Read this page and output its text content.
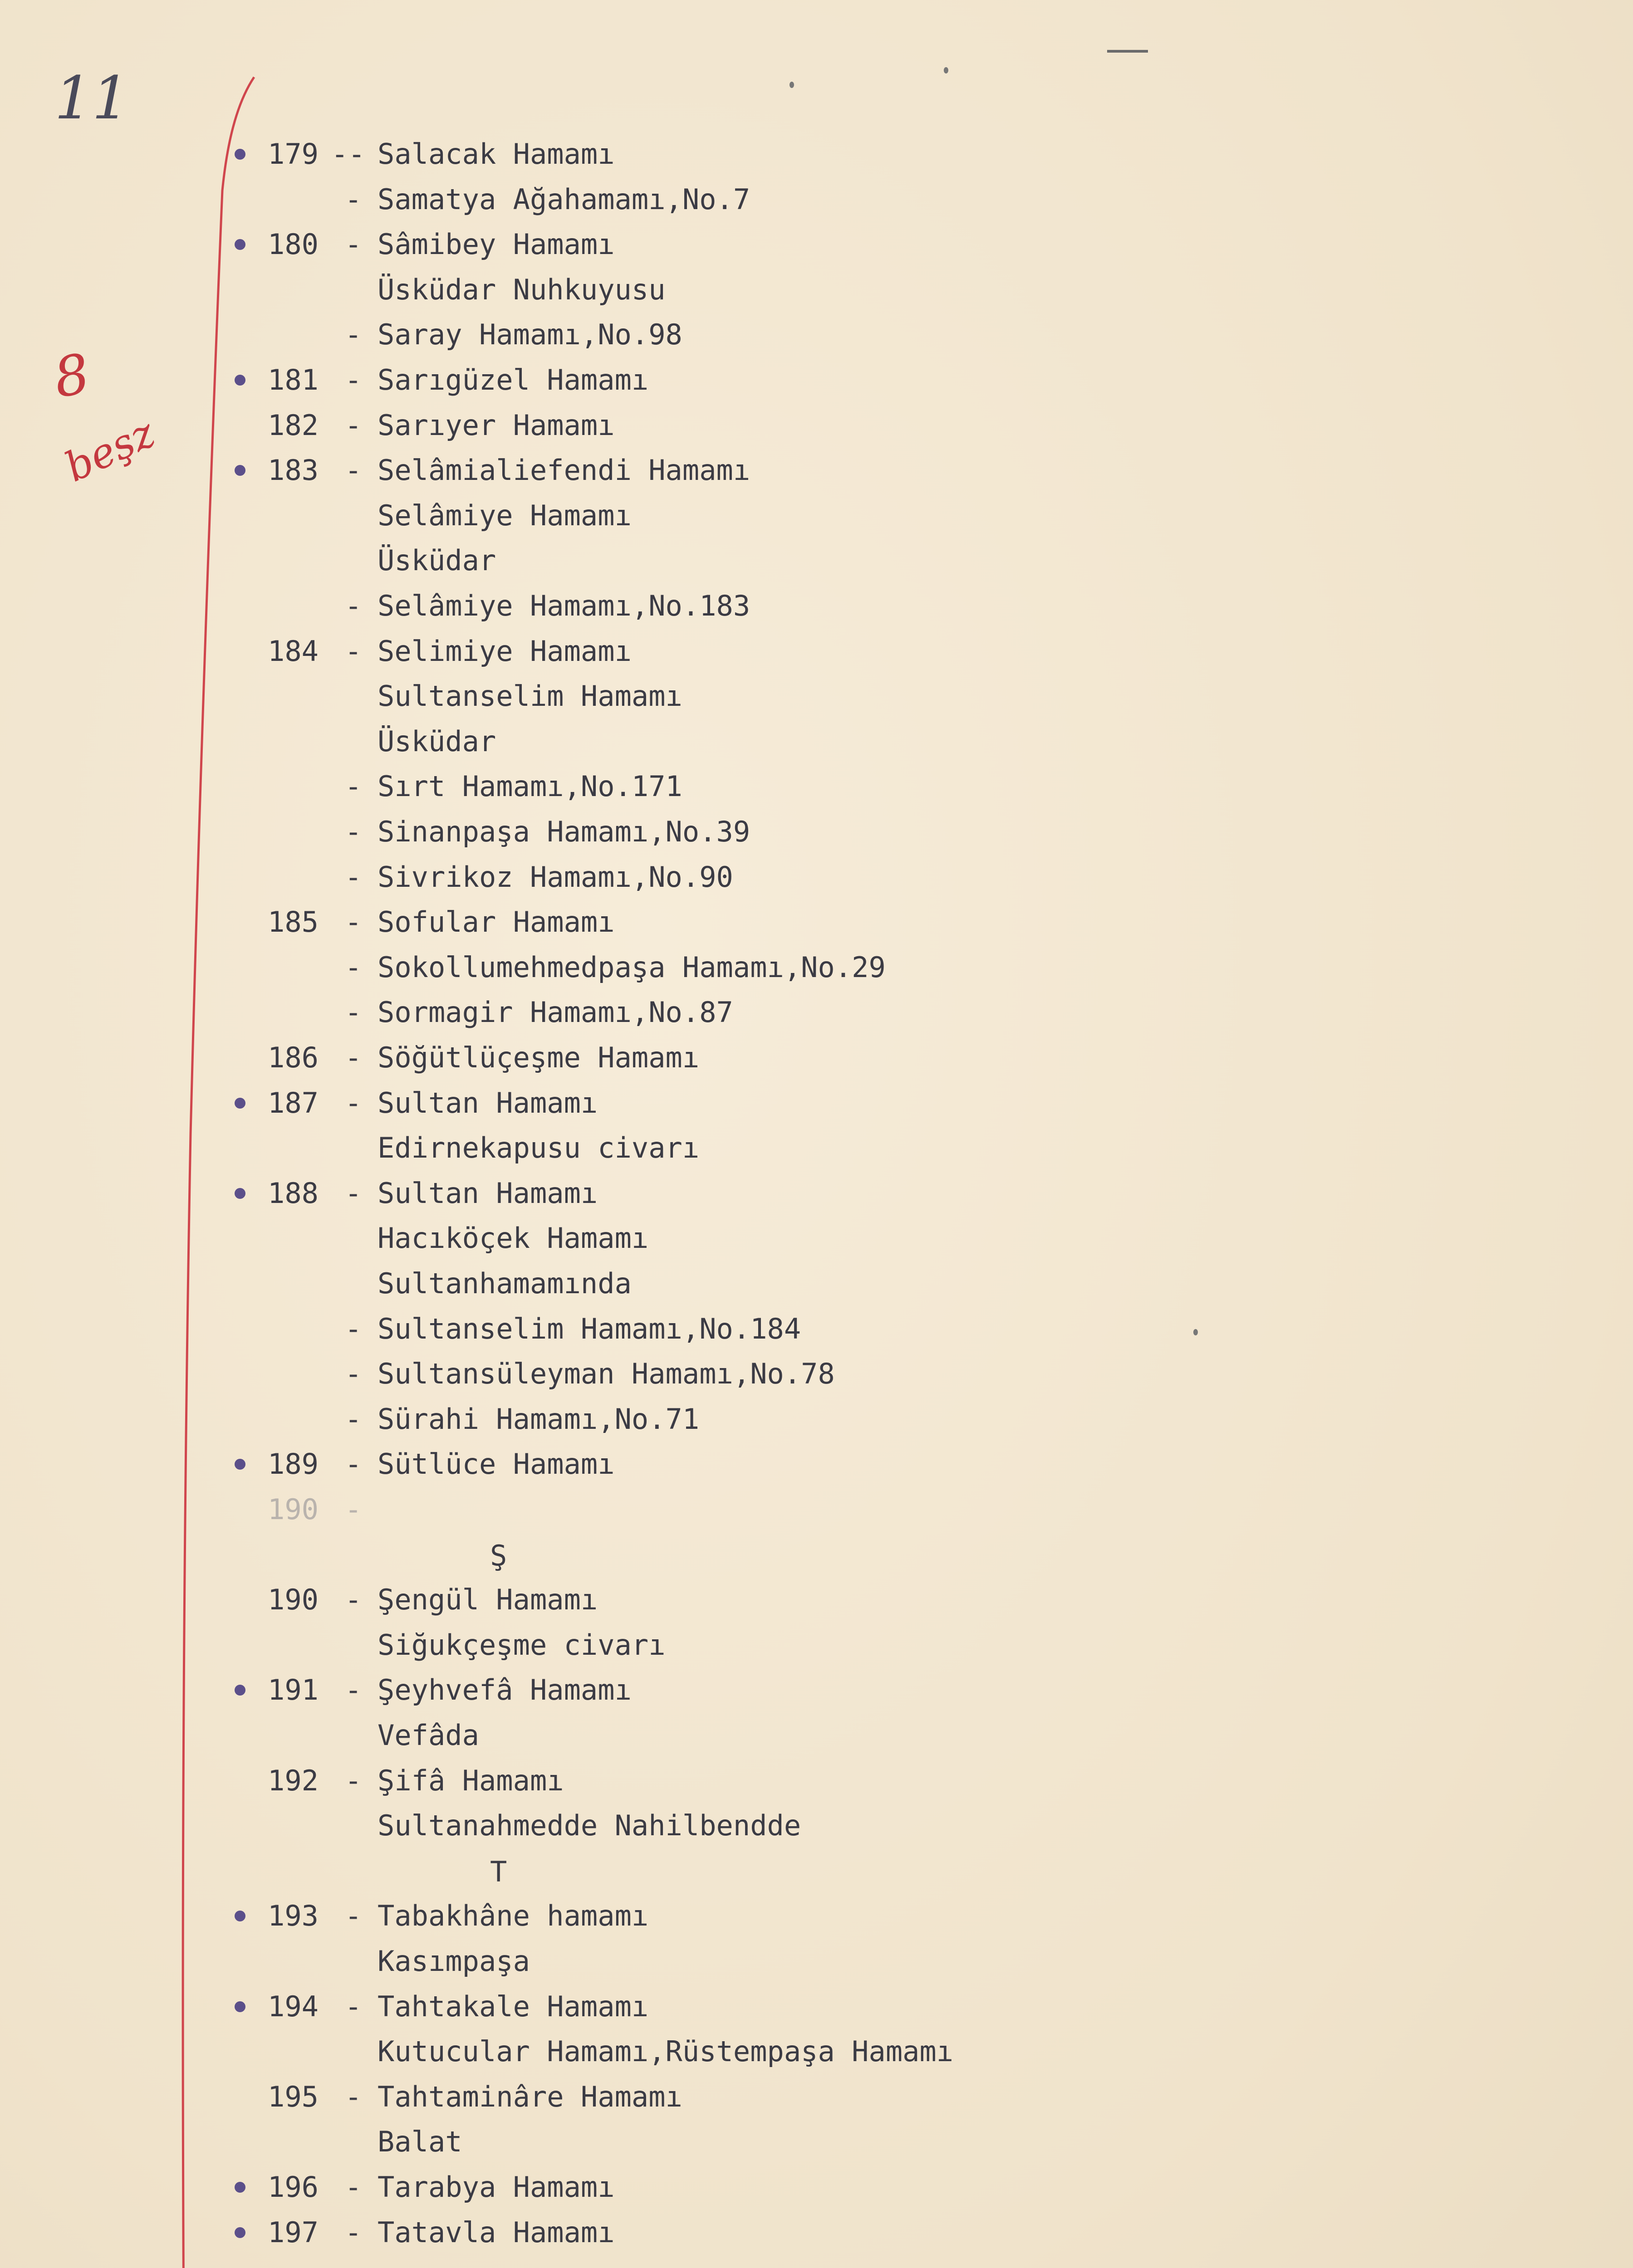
11
8
beşz
179 -- Salacak Hamamı
- Samatya Ağahamamı,No.7
180 - Sâmibey Hamamı
Üsküdar Nuhkuyusu
- Saray Hamamı,No.98
181 - Sarıgüzel Hamamı
182 - Sarıyer Hamamı
183 - Selâmialiefendi Hamamı
Selâmiye Hamamı
Üsküdar
- Selâmiye Hamamı,No.183
184 - Selimiye Hamamı
Sultanselim Hamamı
Üsküdar
- Sırt Hamamı,No.171
- Sinanpaşa Hamamı,No.39
- Sivrikoz Hamamı,No.90
185 - Sofular Hamamı
- Sokollumehmedpaşa Hamamı,No.29
- Sormagir Hamamı,No.87
186 - Söğütlüçeşme Hamamı
187 - Sultan Hamamı
Edirnekapusu civarı
188 - Sultan Hamamı
Hacıköçek Hamamı
Sultanhamamında
- Sultanselim Hamamı,No.184
- Sultansüleyman Hamamı,No.78
- Sürahi Hamamı,No.71
189 - Sütlüce Hamamı
190 -
Ş
190 - Şengül Hamamı
Siğukçeşme civarı
191 - Şeyhvefâ Hamamı
Vefâda
192 - Şifâ Hamamı
Sultanahmedde Nahilbendde
T
193 - Tabakhâne hamamı
Kasımpaşa
194 - Tahtakale Hamamı
Kutucular Hamamı,Rüstempaşa Hamamı
195 - Tahtaminâre Hamamı
Balat
196 - Tarabya Hamamı
197 - Tatavla Hamamı
